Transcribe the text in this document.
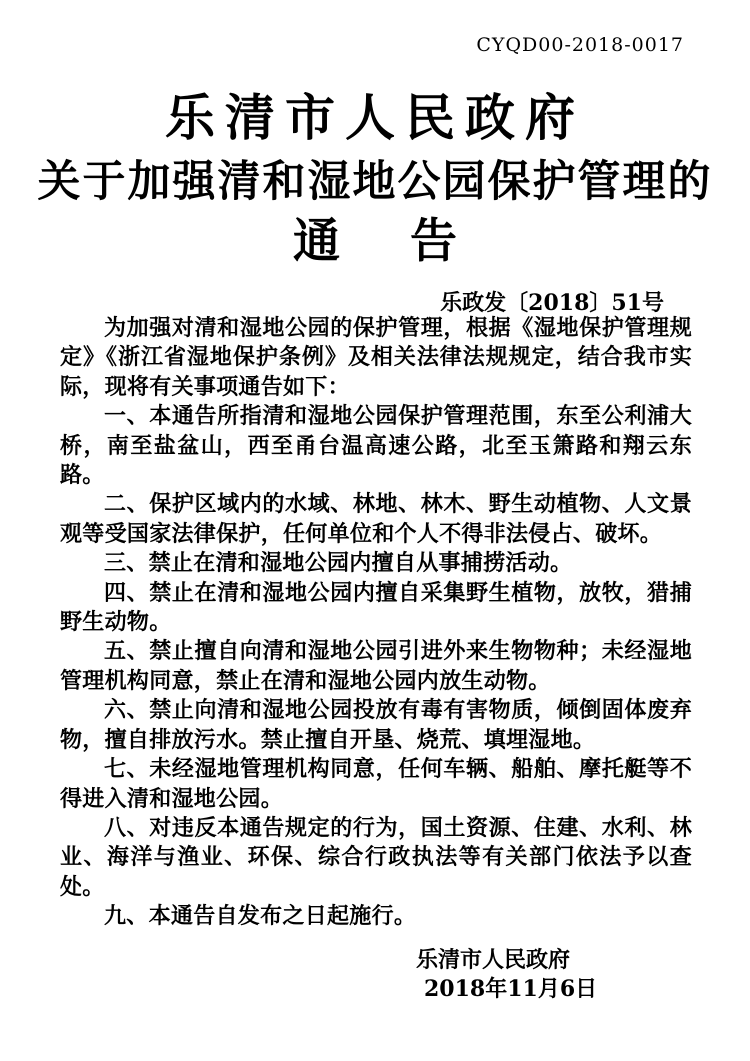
CYQD00-2018-0017
乐清市人民政府
关于加强清和湿地公园保护管理的
通告
乐政发〔2018〕51号

为加强对清和湿地公园的保护管理，根据《湿地保护管理规定》《浙江省湿地保护条例》及相关法律法规规定，结合我市实际，现将有关事项通告如下：

一、本通告所指清和湿地公园保护管理范围，东至公利浦大桥，南至盐盆山，西至甬台温高速公路，北至玉箫路和翔云东路。

二、保护区域内的水域、林地、林木、野生动植物、人文景观等受国家法律保护，任何单位和个人不得非法侵占、破坏。

三、禁止在清和湿地公园内擅自从事捕捞活动。

四、禁止在清和湿地公园内擅自采集野生植物，放牧，猎捕野生动物。

五、禁止擅自向清和湿地公园引进外来生物物种；未经湿地管理机构同意，禁止在清和湿地公园内放生动物。

六、禁止向清和湿地公园投放有毒有害物质，倾倒固体废弃物，擅自排放污水。禁止擅自开垦、烧荒、填埋湿地。

七、未经湿地管理机构同意，任何车辆、船舶、摩托艇等不得进入清和湿地公园。

八、对违反本通告规定的行为，国土资源、住建、水利、林业、海洋与渔业、环保、综合行政执法等有关部门依法予以查处。

九、本通告自发布之日起施行。

乐清市人民政府
2018年11月6日
